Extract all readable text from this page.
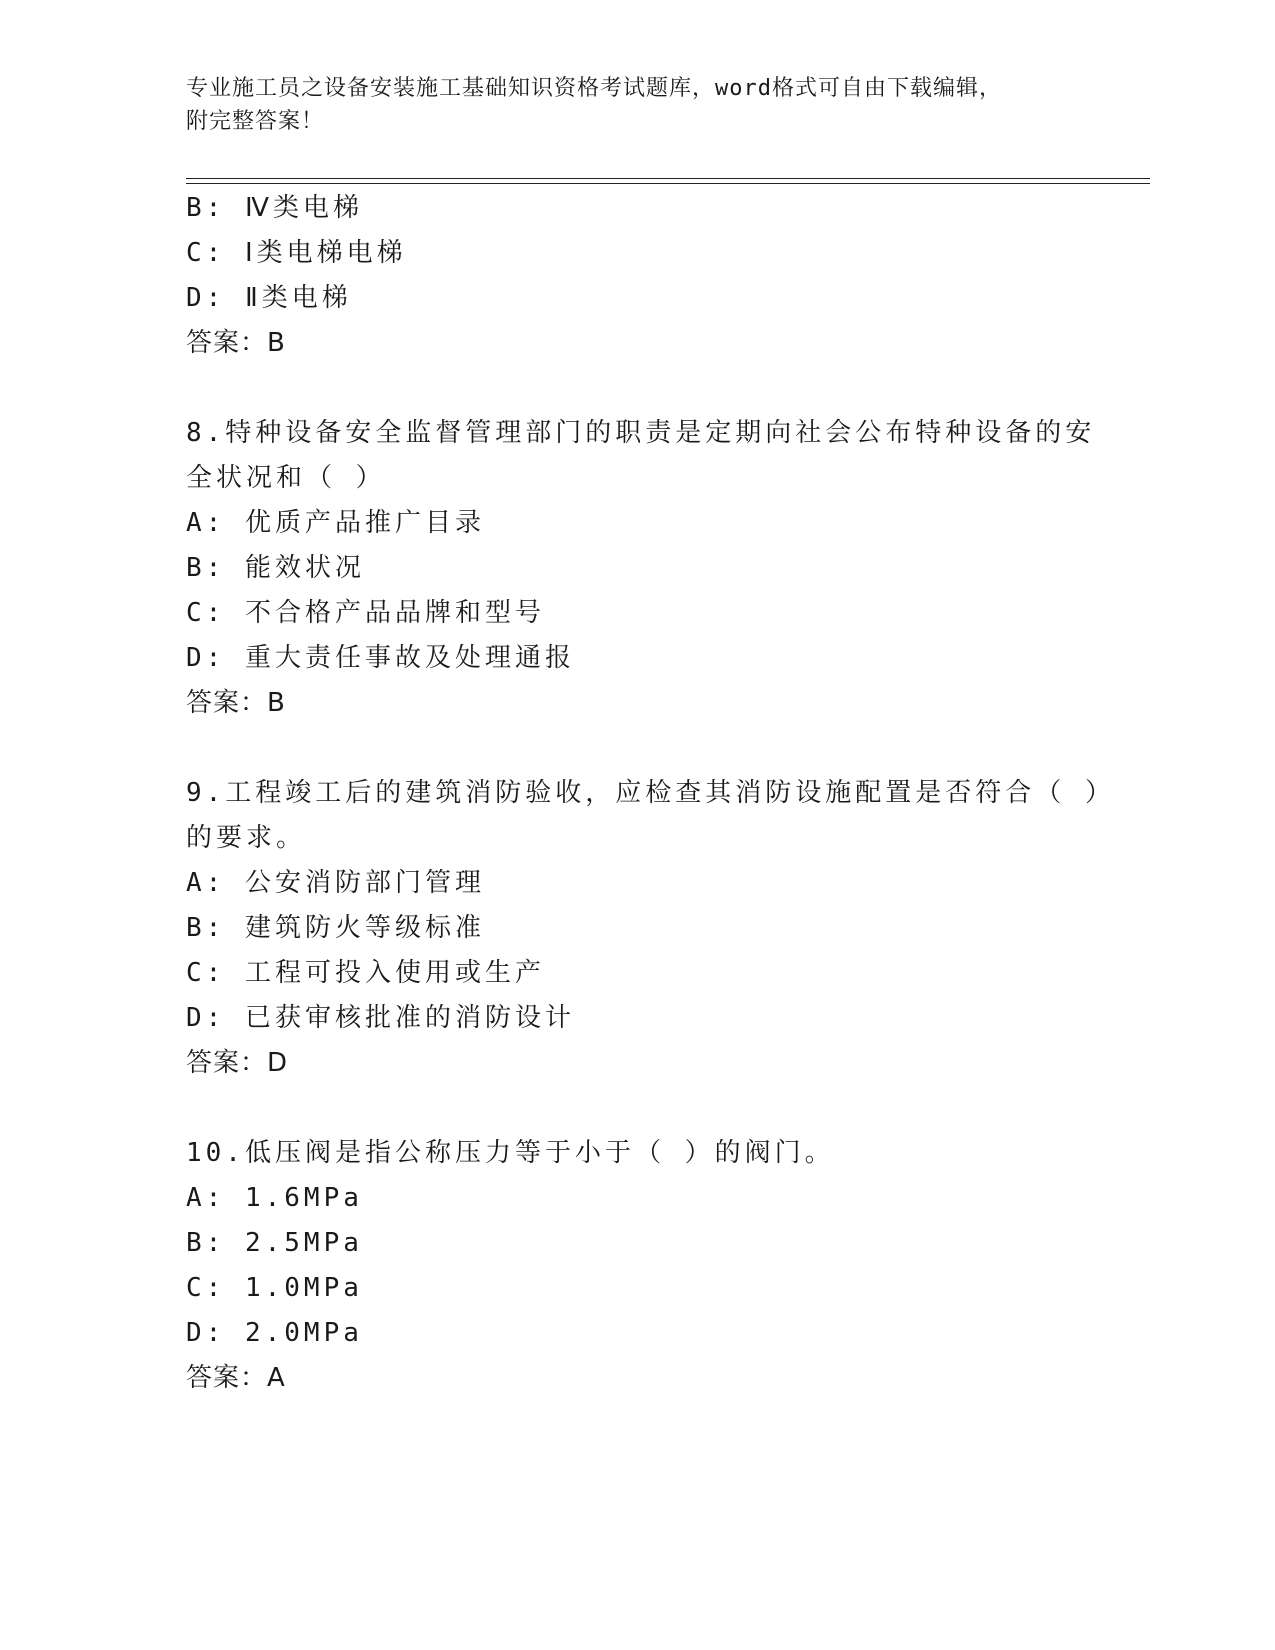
专业施工员之设备安装施工基础知识资格考试题库，word格式可自由下载编辑，
附完整答案！
B: Ⅳ类电梯
C: Ⅰ类电梯电梯
D: Ⅱ类电梯
答案：B
8.特种设备安全监督管理部门的职责是定期向社会公布特种设备的安
全状况和（ ）
A: 优质产品推广目录
B: 能效状况
C: 不合格产品品牌和型号
D: 重大责任事故及处理通报
答案：B
9.工程竣工后的建筑消防验收，应检查其消防设施配置是否符合（ ）
的要求。
A: 公安消防部门管理
B: 建筑防火等级标准
C: 工程可投入使用或生产
D: 已获审核批准的消防设计
答案：D
10.低压阀是指公称压力等于小于（ ）的阀门。
A: 1.6MPa
B: 2.5MPa
C: 1.0MPa
D: 2.0MPa
答案：A
